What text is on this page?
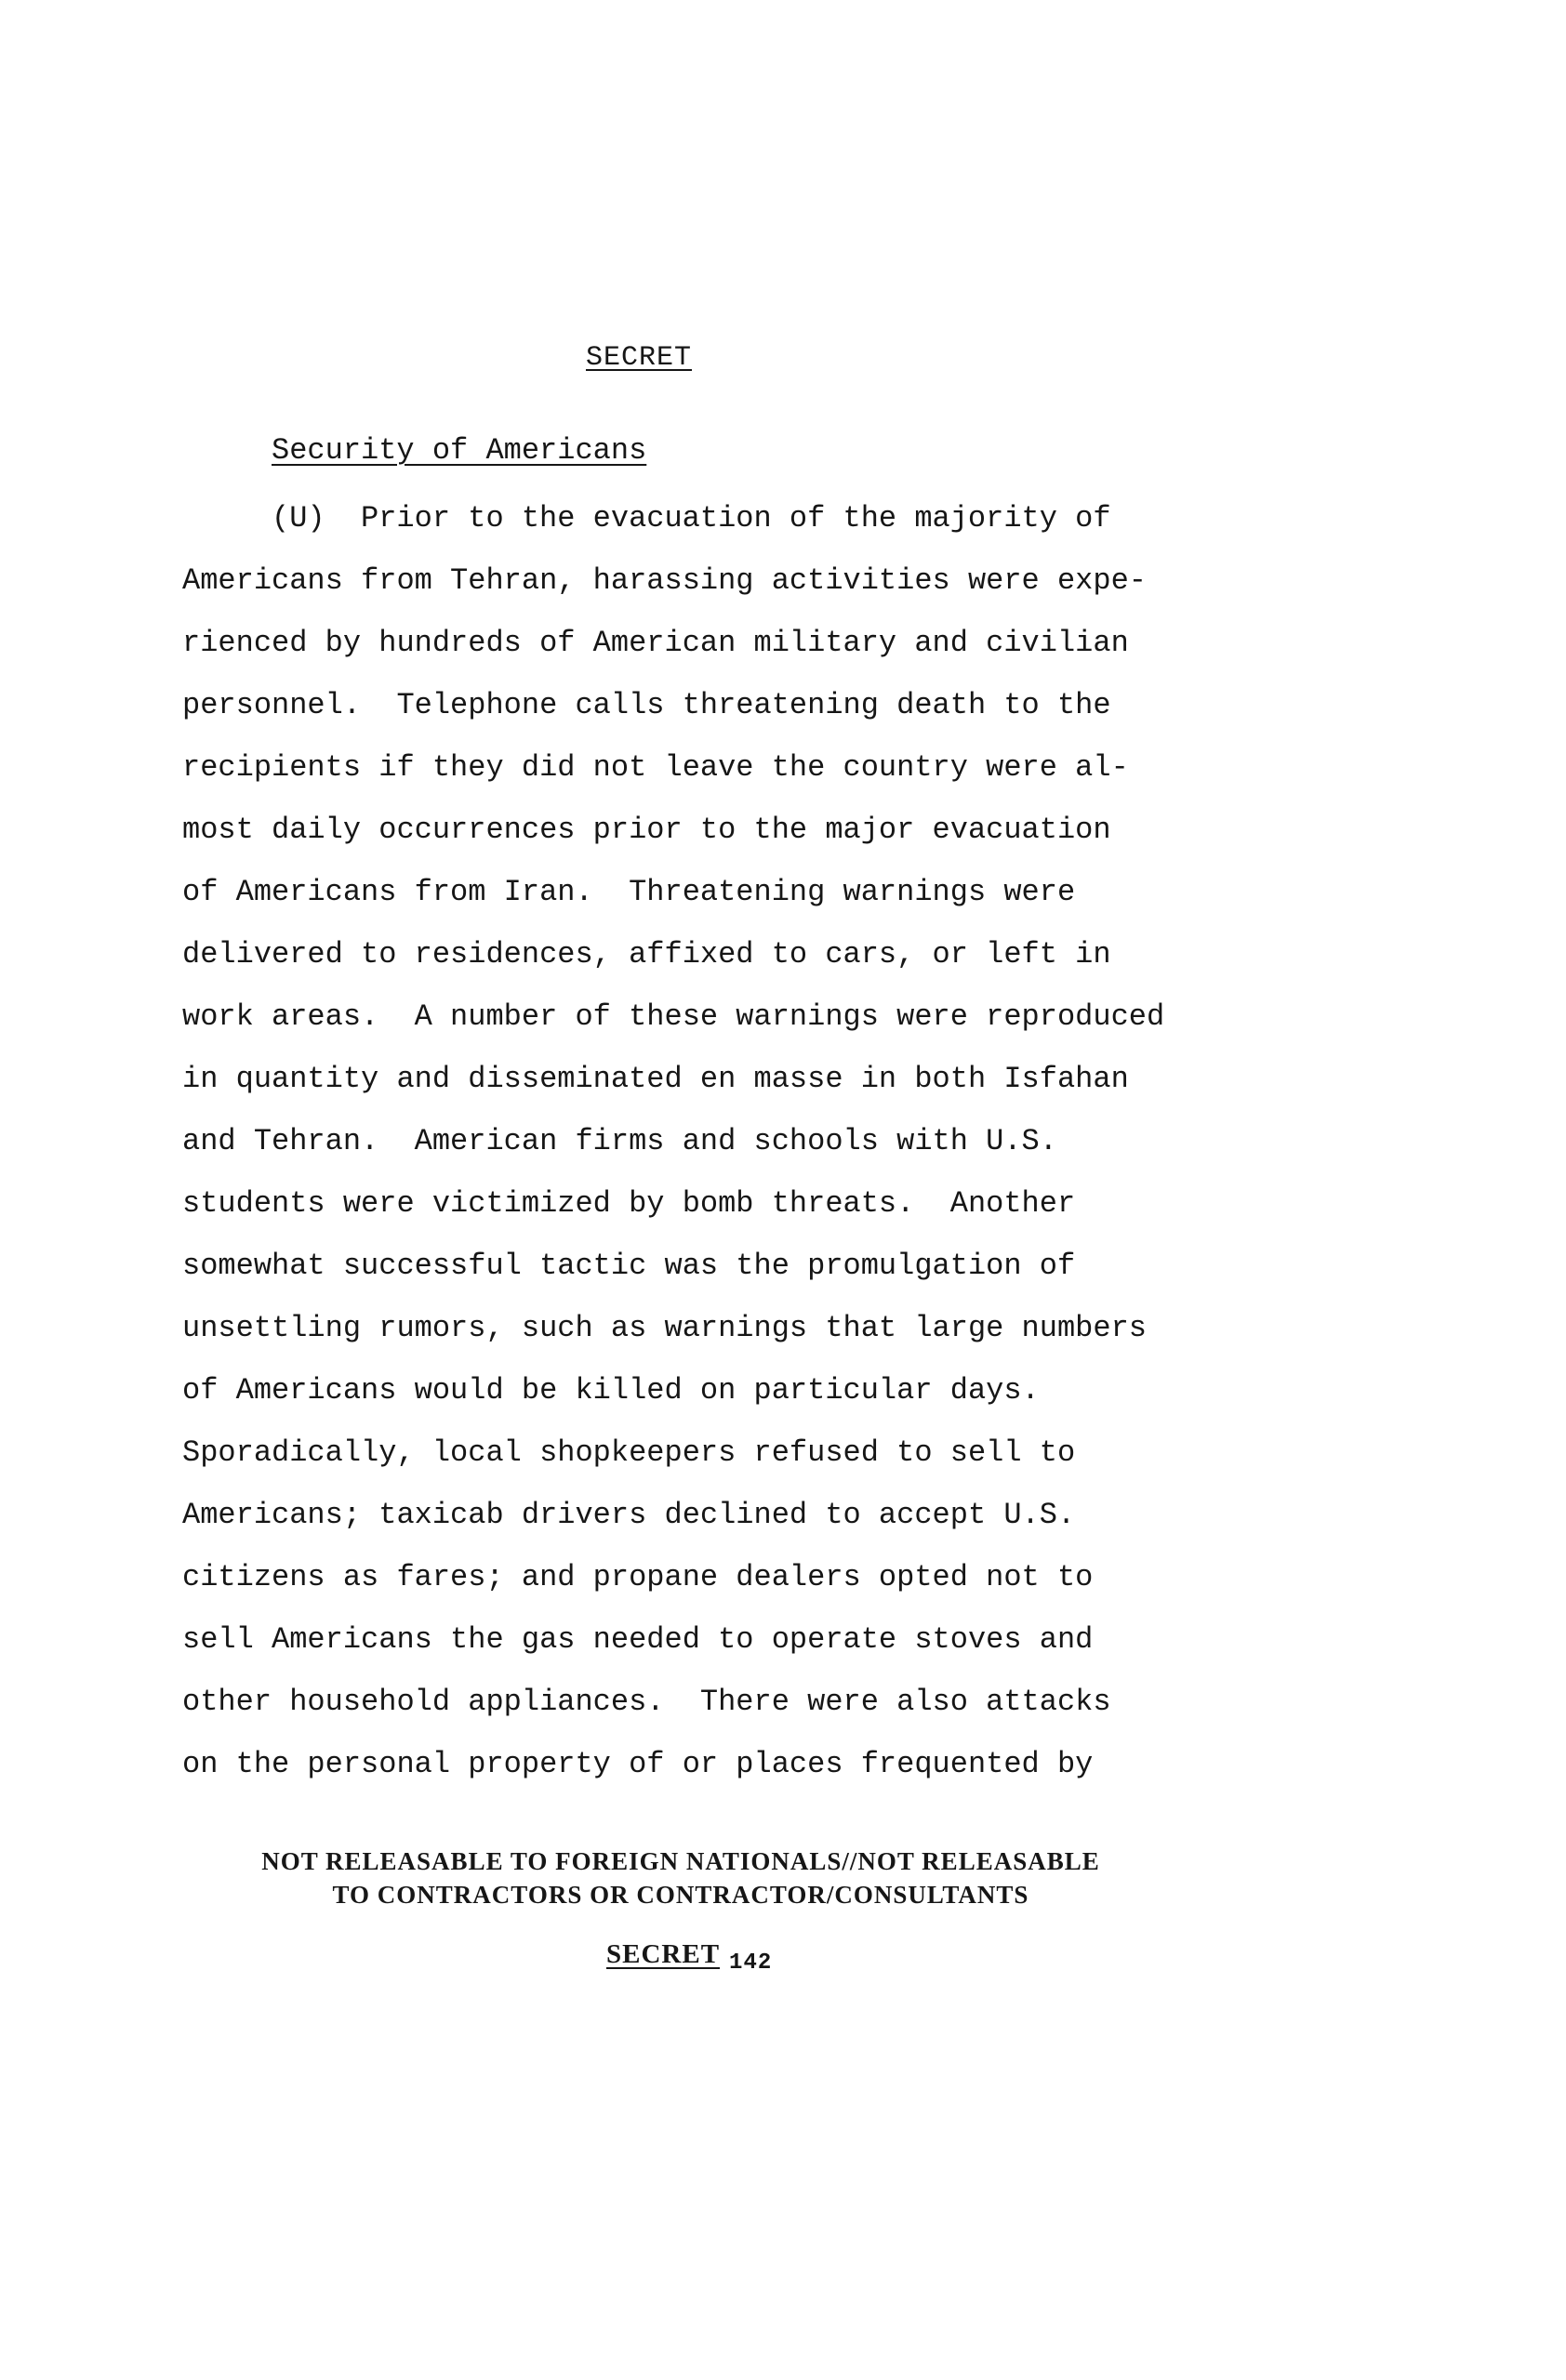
SECRET
Security of Americans
(U)  Prior to the evacuation of the majority of
Americans from Tehran, harassing activities were expe-
rienced by hundreds of American military and civilian
personnel.  Telephone calls threatening death to the
recipients if they did not leave the country were al-
most daily occurrences prior to the major evacuation
of Americans from Iran.  Threatening warnings were
delivered to residences, affixed to cars, or left in
work areas.  A number of these warnings were reproduced
in quantity and disseminated en masse in both Isfahan
and Tehran.  American firms and schools with U.S.
students were victimized by bomb threats.  Another
somewhat successful tactic was the promulgation of
unsettling rumors, such as warnings that large numbers
of Americans would be killed on particular days.
Sporadically, local shopkeepers refused to sell to
Americans; taxicab drivers declined to accept U.S.
citizens as fares; and propane dealers opted not to
sell Americans the gas needed to operate stoves and
other household appliances.  There were also attacks
on the personal property of or places frequented by
NOT RELEASABLE TO FOREIGN NATIONALS//NOT RELEASABLE
TO CONTRACTORS OR CONTRACTOR/CONSULTANTS
SECRET $_{142}$
